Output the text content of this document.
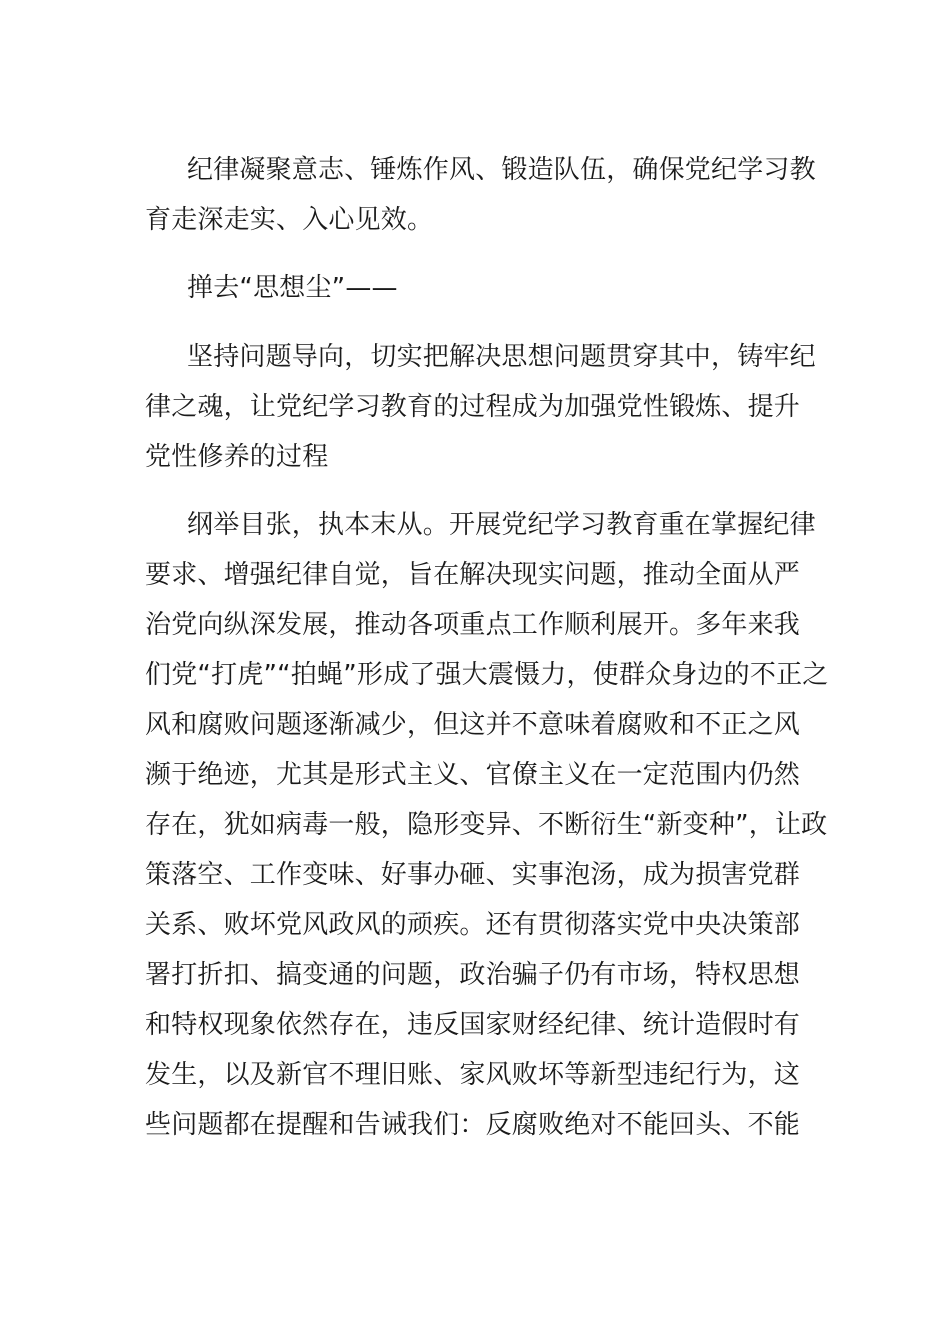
纪律凝聚意志、锤炼作风、锻造队伍，确保党纪学习教
育走深走实、入心见效。
掸去“思想尘”——
坚持问题导向，切实把解决思想问题贯穿其中，铸牢纪
律之魂，让党纪学习教育的过程成为加强党性锻炼、提升
党性修养的过程
纲举目张，执本末从。开展党纪学习教育重在掌握纪律
要求、增强纪律自觉，旨在解决现实问题，推动全面从严
治党向纵深发展，推动各项重点工作顺利展开。多年来我
们党“打虎”“拍蝇”形成了强大震慑力，使群众身边的不正之
风和腐败问题逐渐减少，但这并不意味着腐败和不正之风
濒于绝迹，尤其是形式主义、官僚主义在一定范围内仍然
存在，犹如病毒一般，隐形变异、不断衍生“新变种”，让政
策落空、工作变味、好事办砸、实事泡汤，成为损害党群
关系、败坏党风政风的顽疾。还有贯彻落实党中央决策部
署打折扣、搞变通的问题，政治骗子仍有市场，特权思想
和特权现象依然存在，违反国家财经纪律、统计造假时有
发生，以及新官不理旧账、家风败坏等新型违纪行为，这
些问题都在提醒和告诫我们：反腐败绝对不能回头、不能
